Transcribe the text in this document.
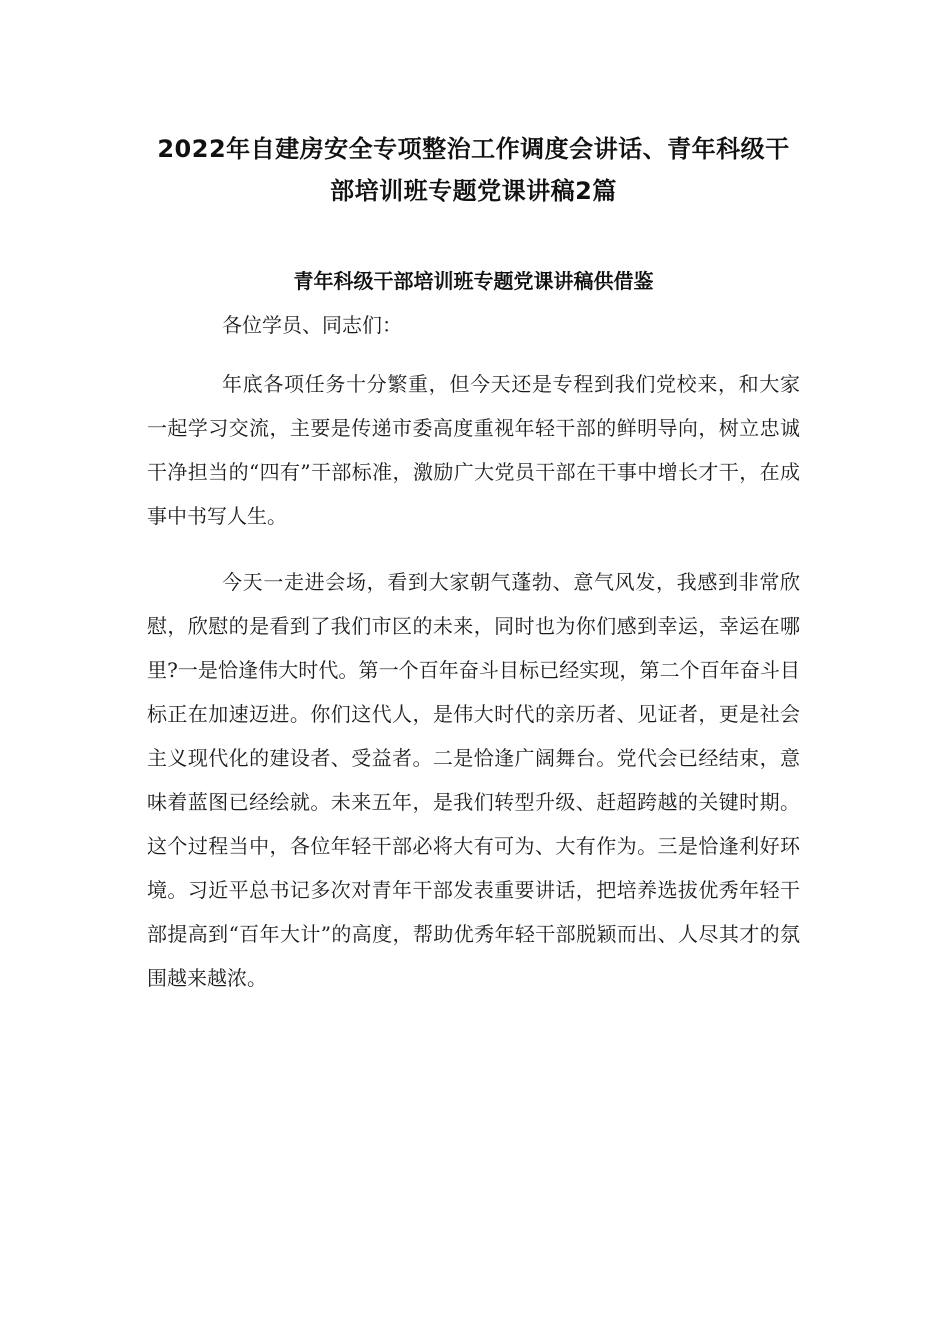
2022年自建房安全专项整治工作调度会讲话、青年科级干
部培训班专题党课讲稿2篇
青年科级干部培训班专题党课讲稿供借鉴

各位学员、同志们：

年底各项任务十分繁重，但今天还是专程到我们党校来，和大家一起学习交流，主要是传递市委高度重视年轻干部的鲜明导向，树立忠诚干净担当的“四有”干部标准，激励广大党员干部在干事中增长才干，在成事中书写人生。

今天一走进会场，看到大家朝气蓬勃、意气风发，我感到非常欣慰，欣慰的是看到了我们市区的未来，同时也为你们感到幸运，幸运在哪里?一是恰逢伟大时代。第一个百年奋斗目标已经实现，第二个百年奋斗目标正在加速迈进。你们这代人，是伟大时代的亲历者、见证者，更是社会主义现代化的建设者、受益者。二是恰逢广阔舞台。党代会已经结束，意味着蓝图已经绘就。未来五年，是我们转型升级、赶超跨越的关键时期。这个过程当中，各位年轻干部必将大有可为、大有作为。三是恰逢利好环境。习近平总书记多次对青年干部发表重要讲话，把培养选拔优秀年轻干部提高到“百年大计”的高度，帮助优秀年轻干部脱颖而出、人尽其才的氛围越来越浓。
